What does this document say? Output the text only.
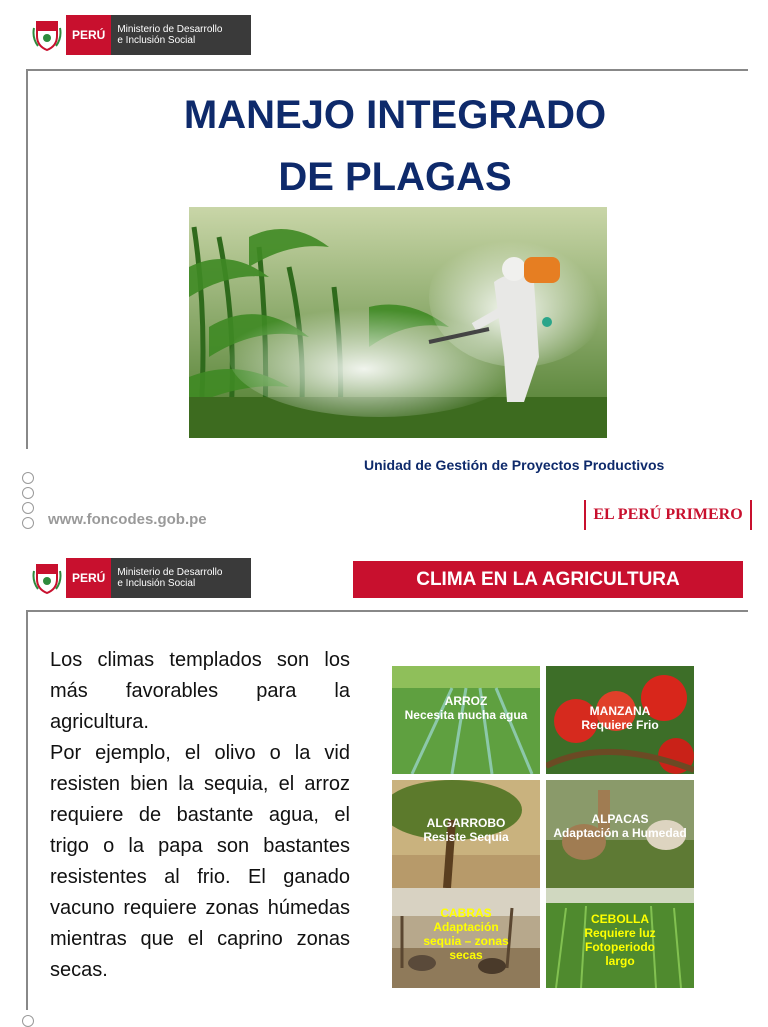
PERÚ	Ministerio de Desarrollo
e Inclusión Social
MANEJO INTEGRADO
DE PLAGAS
Unidad de Gestión de Proyectos Productivos
www.foncodes.gob.pe	EL PERÚ PRIMERO
PERÚ	Ministerio de Desarrollo
e Inclusión Social	CLIMA EN LA AGRICULTURA

Los climas templados son los más favorables para la agricultura.

Por ejemplo, el olivo o la vid resisten bien la sequia, el arroz requiere de bastante agua, el trigo o la papa son bastantes resistentes al frio. El ganado vacuno requiere zonas húmedas mientras que el caprino zonas secas.

ARROZ
Necesita mucha agua	MANZANA
Requiere Frio
ALGARROBO
Resiste Sequia
ALPACAS
Adaptación a Humedad
CABRAS
Adaptación sequia – zonas secas
CEBOLLA
Requiere luz Fotoperiodo largo
